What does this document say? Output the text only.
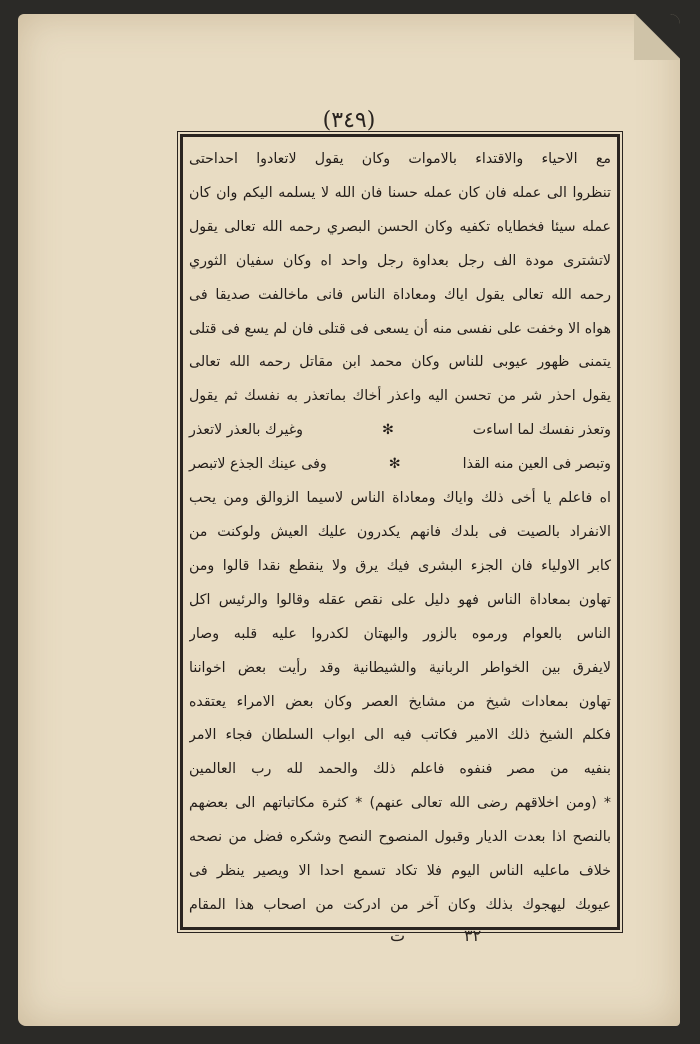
(٣٤٩)
مع الاحياء والاقتداء بالاموات وكان يقول لاتعادوا احداحتى
تنظروا الى عمله فان كان عمله حسنا فان الله لا يسلمه اليكم وان كان
عمله سيئا فخطاياه تكفيه وكان الحسن البصري رحمه الله تعالى يقول
لاتشترى مودة الف رجل بعداوة رجل واحد اه وكان سفيان الثوري
رحمه الله تعالى يقول اياك ومعاداة الناس فانى ماخالفت صديقا فى
هواه الا وخفت على نفسى منه أن يسعى فى قتلى فان لم يسع فى قتلى
يتمنى ظهور عيوبى للناس وكان محمد ابن مقاتل رحمه الله تعالى
يقول احذر شر من تحسن اليه واعذر أخاك بماتعذر به نفسك ثم يقول
وتعذر نفسك لما اساءت
✻
وغيرك بالعذر لاتعذر
وتبصر فى العين منه القذا
✻
وفى عينك الجذع لاتبصر
اه فاعلم يا أخى ذلك واياك ومعاداة الناس لاسيما الزوالق ومن يحب
الانفراد بالصيت فى بلدك فانهم يكدرون عليك العيش ولوكنت من
كابر الاولياء فان الجزء البشرى فيك يرق ولا ينقطع نقدا قالوا ومن
تهاون بمعاداة الناس فهو دليل على نقص عقله وقالوا والرئيس اكل
الناس بالعوام ورموه بالزور والبهتان لكدروا عليه قلبه وصار
لايفرق بين الخواطر الربانية والشيطانية وقد رأيت بعض اخواننا
تهاون بمعادات شيخ من مشايخ العصر وكان بعض الامراء يعتقده
فكلم الشيخ ذلك الامير فكاتب فيه الى ابواب السلطان فجاء الامر
بنفيه من مصر فنفوه فاعلم ذلك والحمد لله رب العالمين
* (ومن اخلاقهم رضى الله تعالى عنهم) * كثرة مكاتباتهم الى بعضهم
بالنصح اذا بعدت الديار وقبول المنصوح النصح وشكره فضل من نصحه
خلاف ماعليه الناس اليوم فلا تكاد تسمع احدا الا ويصير ينظر فى
عيوبك ليهجوك بذلك وكان آخر من ادركت من اصحاب هذا المقام
ت	٣٢
